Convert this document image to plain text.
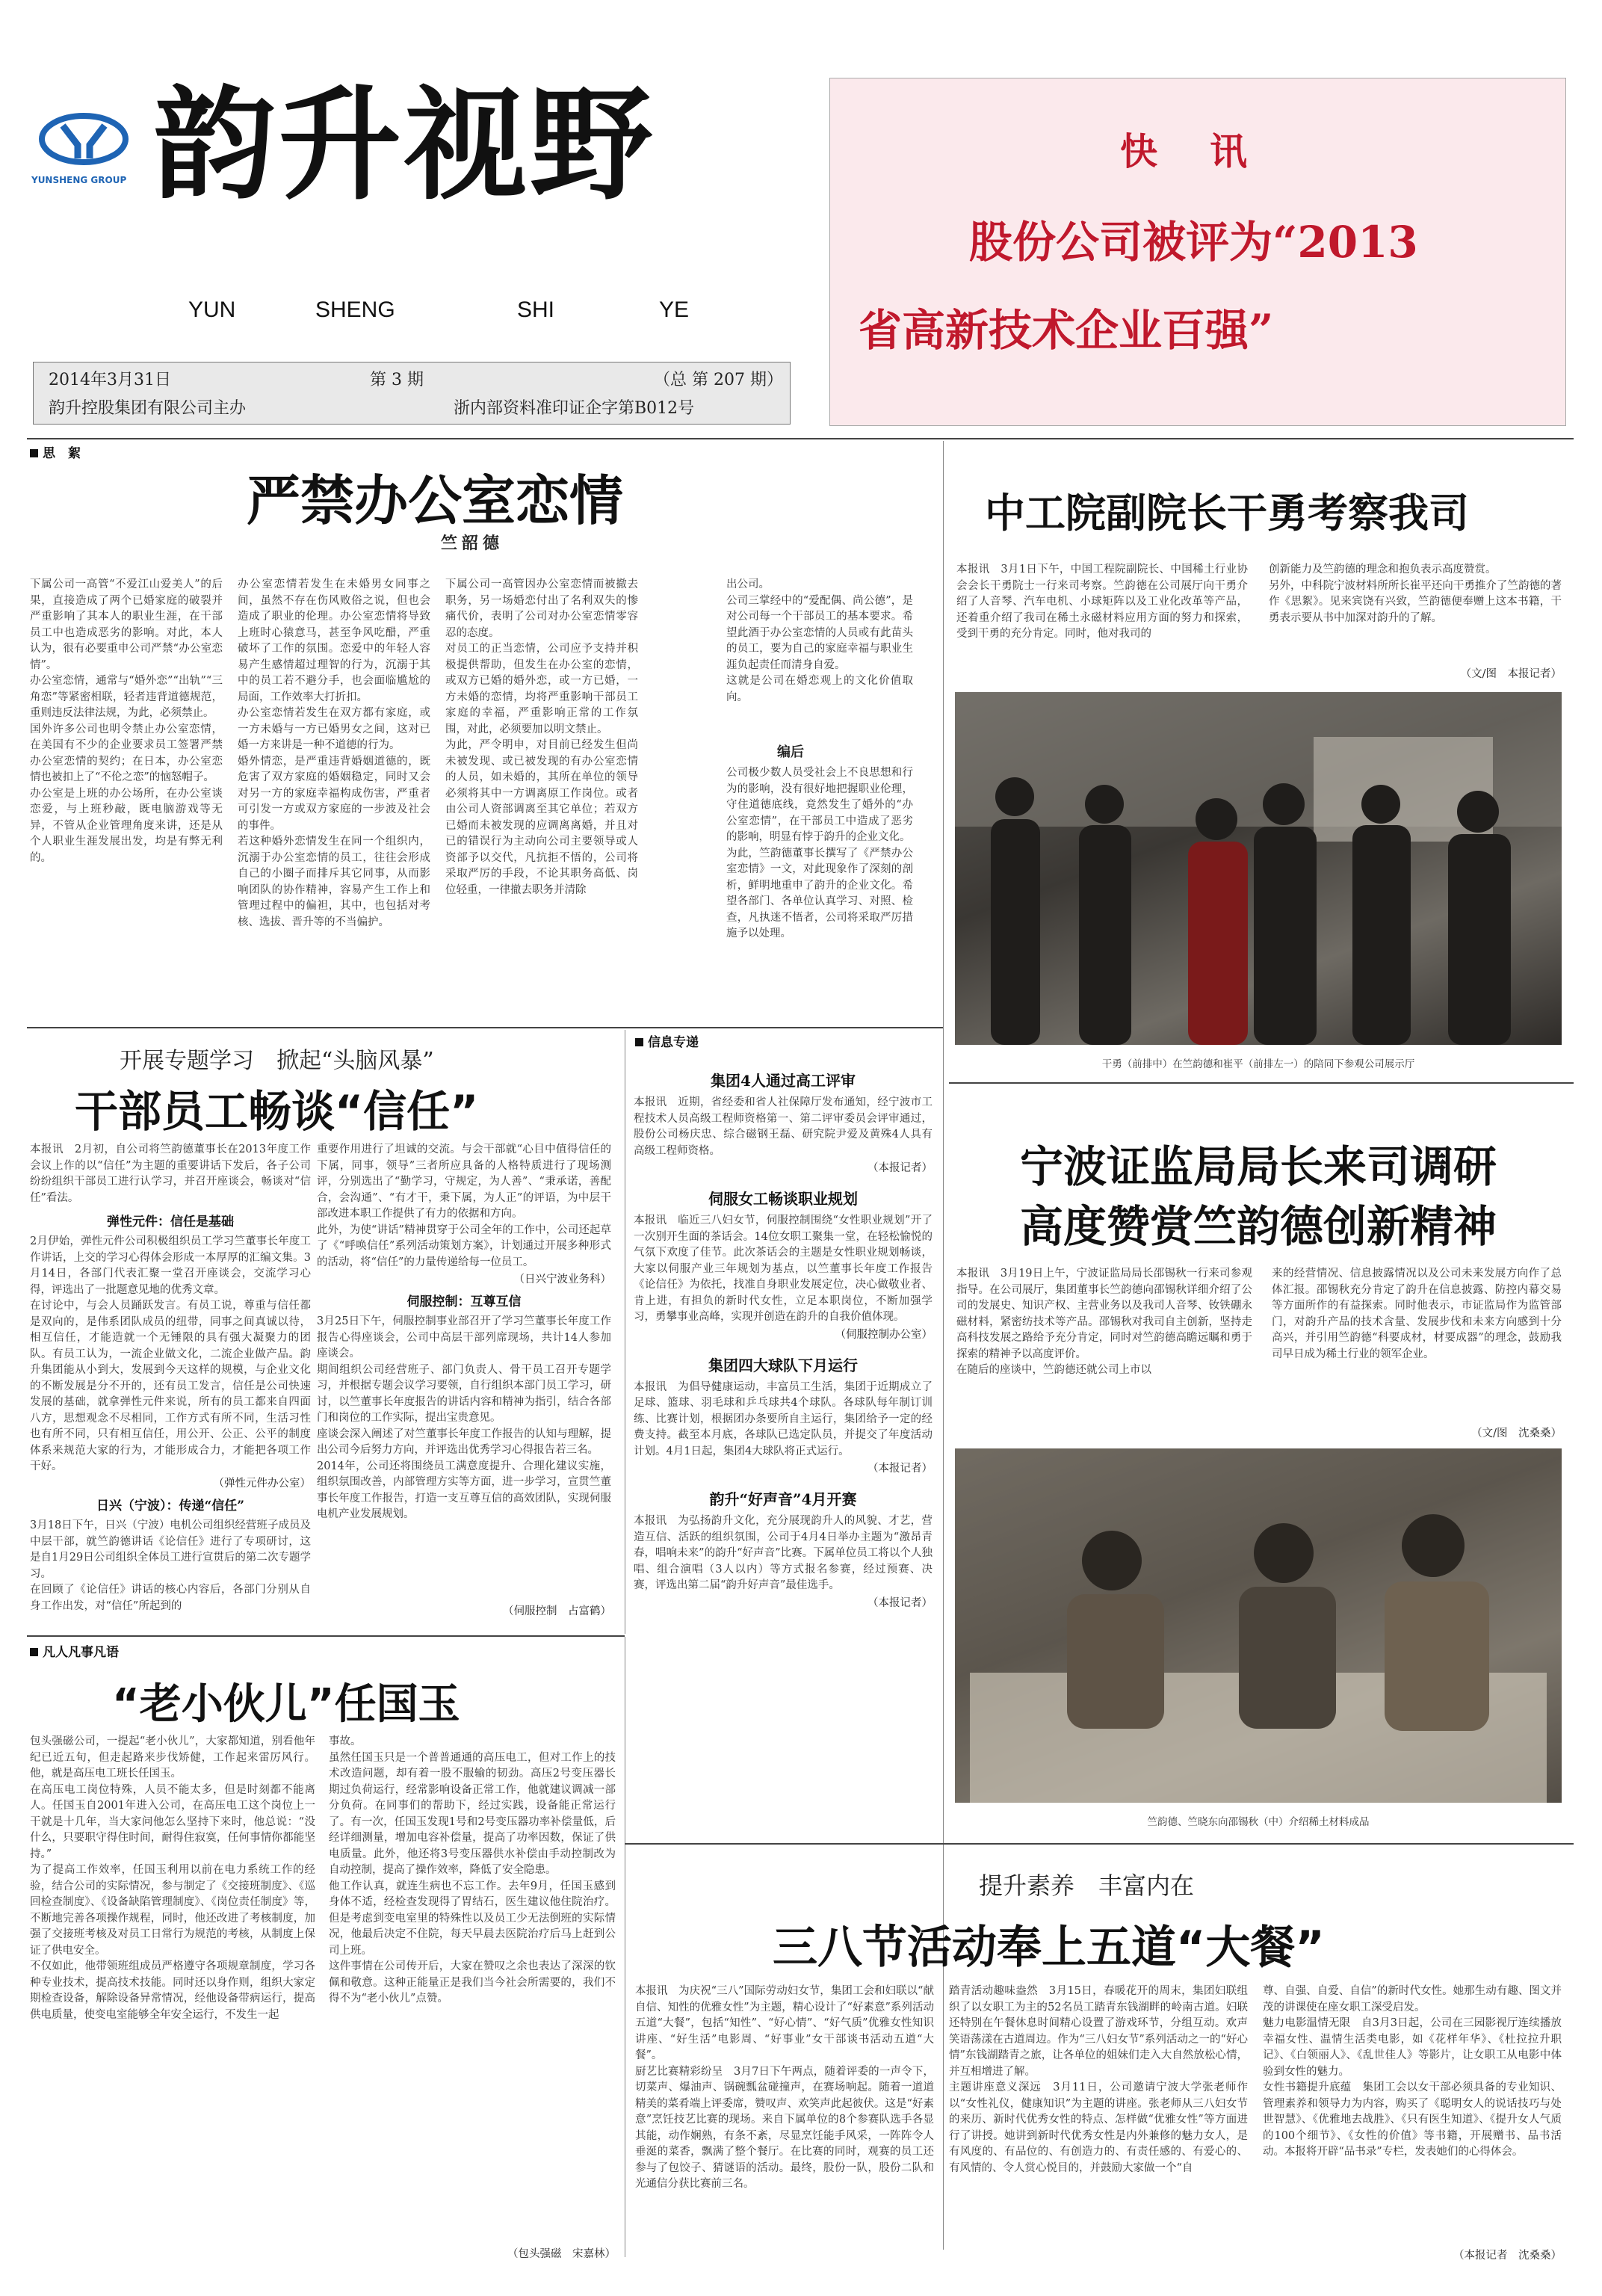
YUNSHENG GROUP 韵升视野
YUN	SHENG	SHI	YE
2014年3月31日	第 3 期	（总 第 207 期）
韵升控股集团有限公司主办	浙内部资料准印证企字第B012号
快　讯
股份公司被评为“2013
省高新技术企业百强”
思　絮
严禁办公室恋情
竺韶德
下属公司一高管“不爱江山爱美人”的后果，直接造成了两个已婚家庭的破裂并严重影响了其本人的职业生涯，在干部员工中也造成恶劣的影响。对此，本人认为，很有必要重申公司严禁“办公室恋情”。
办公室恋情，通常与“婚外恋”“出轨”“三角恋”等紧密相联，轻者违背道德规范，重则违反法律法规，为此，必须禁止。
国外许多公司也明令禁止办公室恋情，在美国有不少的企业要求员工签署严禁办公室恋情的契约；在日本，办公室恋情也被扣上了“不伦之恋”的恼怒帽子。
办公室是上班的办公场所，在办公室谈恋爱，与上班秒敲，既电脑游戏等无异，不管从企业管理角度来讲，还是从个人职业生涯发展出发，均是有弊无利的。
办公室恋情若发生在未婚男女同事之间，虽然不存在伤风败俗之说，但也会造成了职业的伦理。办公室恋情将导致上班时心猿意马，甚至争风吃醋，严重破坏了工作的氛围。恋爱中的年轻人容易产生感情超过理智的行为，沉溺于其中的员工若不避分手，也会面临尴尬的局面，工作效率大打折扣。
办公室恋情若发生在双方都有家庭，或一方未婚与一方已婚男女之间，这对已婚一方来讲是一种不道德的行为。
婚外情恋，是严重违背婚姻道德的，既危害了双方家庭的婚姻稳定，同时又会对另一方的家庭幸福构成伤害，严重者可引发一方或双方家庭的一步波及社会的事件。
若这种婚外恋情发生在同一个组织内，沉溺于办公室恋情的员工，往往会形成自己的小圈子而排斥其它同事，从而影响团队的协作精神，容易产生工作上和管理过程中的偏袒，其中，也包括对考核、选拔、晋升等的不当偏护。
下属公司一高管因办公室恋情而被撤去职务，另一场婚恋付出了名利双失的惨痛代价，表明了公司对办公室恋情零容忍的态度。
对员工的正当恋情，公司应予支持并积极提供帮助，但发生在办公室的恋情，或双方已婚的婚外恋，或一方已婚，一方未婚的恋情，均将严重影响干部员工家庭的幸福，严重影响正常的工作氛围，对此，必须要加以明文禁止。
为此，严令明申，对目前已经发生但尚未被发现、或已被发现的有办公室恋情的人员，如未婚的，其所在单位的领导必须将其中一方调离原工作岗位。或者由公司人资部调离至其它单位；若双方已婚而未被发现的应调离离婚，并且对已的错误行为主动向公司主要领导或人资部予以交代，凡抗拒不悟的，公司将采取严厉的手段，不论其职务高低、岗位轻重，一律撤去职务并清除
出公司。
公司三掌经中的“爱配偶、尚公德”，是对公司每一个干部员工的基本要求。希望此酒于办公室恋情的人员或有此苗头的员工，要为自己的家庭幸福与职业生涯负起责任而清身自爱。
这就是公司在婚恋观上的文化价值取向。
编后
公司极少数人员受社会上不良思想和行为的影响，没有很好地把握职业伦理，守住道德底线，竟然发生了婚外的“办公室恋情”，在干部员工中造成了恶劣的影响，明显有悖于韵升的企业文化。
为此，竺韵德董事长撰写了《严禁办公室恋情》一文，对此现象作了深刻的剖析，鲜明地重申了韵升的企业文化。希望各部门、各单位认真学习、对照、检查，凡执迷不悟者，公司将采取严厉措施予以处理。
中工院副院长干勇考察我司
本报讯　3月1日下午，中国工程院副院长、中国稀土行业协会会长干勇院士一行来司考察。竺韵德在公司展厅向干勇介绍了人音琴、汽车电机、小球矩阵以及工业化改革等产品，还着重介绍了我司在稀土永磁材料应用方面的努力和探索，受到干勇的充分肯定。同时，他对我司的
创新能力及竺韵德的理念和抱负表示高度赞赏。
另外，中科院宁波材料所所长崔平还向干勇推介了竺韵德的著作《思絮》。见来宾饶有兴致，竺韵德便奉赠上这本书籍，干勇表示要从书中加深对韵升的了解。
（文/图　本报记者）
干勇（前排中）在竺韵德和崔平（前排左一）的陪同下参观公司展示厅
宁波证监局局长来司调研
高度赞赏竺韵德创新精神
本报讯　3月19日上午，宁波证监局局长邵锡秋一行来司参观指导。在公司展厅，集团董事长竺韵德向邵锡秋详细介绍了公司的发展史、知识产权、主营业务以及我司人音琴、钕铁硼永磁材料，紧密纺技术等产品。邵锡秋对我司自主创新，坚持走高科技发展之路给予充分肯定，同时对竺韵德高瞻远瞩和勇于探索的精神予以高度评价。
在随后的座谈中，竺韵德还就公司上市以
来的经营情况、信息披露情况以及公司未来发展方向作了总体汇报。邵锡秋充分肯定了韵升在信息披露、防控内幕交易等方面所作的有益探索。同时他表示，市证监局作为监管部门，对韵升产品的技术含量、发展步伐和未来方向感到十分高兴，并引用竺韵德“科要成材，材要成器”的理念，鼓励我司早日成为稀土行业的领军企业。
（文/图　沈桑桑）
竺韵德、竺晓东向邵锡秋（中）介绍稀土材料成品
开展专题学习　掀起“头脑风暴”
干部员工畅谈“信任”
本报讯　2月初，自公司将竺韵德董事长在2013年度工作会议上作的以“信任”为主题的重要讲话下发后，各子公司纷纷组织干部员工进行认学习，并召开座谈会，畅谈对“信任”看法。
弹性元件：信任是基础
2月伊始，弹性元件公司积极组织员工学习竺董事长年度工作讲话，上交的学习心得体会形成一本厚厚的汇编文集。3月14日，各部门代表汇聚一堂召开座谈会，交流学习心得，评选出了一批题意见地的优秀文章。
在讨论中，与会人员踊跃发言。有员工说，尊重与信任都是双向的，是伟系团队成员的纽带，同事之间真诚以待，相互信任，才能造就一个无锤限的具有强大凝聚力的团队。有员工认为，一流企业做文化，二流企业做产品。韵升集团能从小到大，发展到今天这样的规模，与企业文化的不断发展是分不开的，还有员工发言，信任是公司快速发展的基础，就拿弹性元件来说，所有的员工都来自四面八方，思想观念不尽相同，工作方式有所不同，生活习性也有所不同，只有相互信任，用公开、公正、公平的制度体系来规范大家的行为，才能形成合力，才能把各项工作干好。
（弹性元件办公室）
日兴（宁波）：传递“信任”
3月18日下午，日兴（宁波）电机公司组织经营班子成员及中层干部，就竺韵德讲话《论信任》进行了专项研讨，这是自1月29日公司组织全体员工进行宣贯后的第二次专题学习。
在回顾了《论信任》讲话的核心内容后，各部门分别从自身工作出发，对“信任”所起到的
重要作用进行了坦诚的交流。与会干部就“心目中值得信任的下属，同事，领导”三者所应具备的人格特质进行了现场测评，分别选出了“勤学习，守规定，为人善”、“秉承诺，善配合，会沟通”、“有才干，秉下属，为人正”的评语，为中层干部改进本职工作提供了有力的依据和方向。
此外，为使“讲话”精神贯穿于公司全年的工作中，公司还起草了《“呼唤信任”系列活动策划方案》，计划通过开展多种形式的活动，将“信任”的力量传递给每一位员工。
（日兴宁波业务科）
伺服控制：互尊互信
3月25日下午，伺服控制事业部召开了学习竺董事长年度工作报告心得座谈会，公司中高层干部列席现场，共计14人参加座谈会。
期间组织公司经营班子、部门负责人、骨干员工召开专题学习，并根据专题会议学习要领，自行组织本部门员工学习，研讨，以竺董事长年度报告的讲话内容和精神为指引，结合各部门和岗位的工作实际，提出宝贵意见。
座谈会深入阐述了对竺董事长年度工作报告的认知与理解，提出公司今后努力方向，并评选出优秀学习心得报告若三名。
2014年，公司还将围绕员工满意度提升、合理化建议实施，组织氛围改善，内部管理方实等方面，进一步学习，宣贯竺董事长年度工作报告，打造一支互尊互信的高效团队，实现伺服电机产业发展规划。
（伺服控制　占富鹤）
信息专递
集团4人通过高工评审
本报讯　近期，省经委和省人社保障厅发布通知，经宁波市工程技术人员高级工程师资格第一、第二评审委员会评审通过，股份公司杨庆忠、综合磁钢王磊、研究院尹爱及黄殊4人具有高级工程师资格。
（本报记者）
伺服女工畅谈职业规划
本报讯　临近三八妇女节，伺服控制围绕“女性职业规划”开了一次别开生面的茶话会。14位女职工聚集一堂，在轻松愉悦的气氛下欢度了佳节。此次茶话会的主题是女性职业规划畅谈，大家以伺服产业三年规划为基点，以竺董事长年度工作报告《论信任》为依托，找准自身职业发展定位，决心做敬业者、肯上进，有担负的新时代女性，立足本职岗位，不断加强学习，勇攀事业高峰，实现并创造在韵升的自我价值体现。
（伺服控制办公室）
集团四大球队下月运行
本报讯　为倡导健康运动，丰富员工生活，集团于近期成立了足球、篮球、羽毛球和乒乓球共4个球队。各球队每年制订训练、比赛计划，根据团办条要所自主运行，集团给予一定的经费支持。截至本月底，各球队已选定队员，并提交了年度活动计划。4月1日起，集团4大球队将正式运行。
（本报记者）
韵升“好声音”4月开赛
本报讯　为弘扬韵升文化，充分展现韵升人的风貌、才艺，营造互信、活跃的组织氛围，公司于4月4日举办主题为“激昂青春，唱响未来”的韵升“好声音”比赛。下属单位员工将以个人独唱、组合演唱（3人以内）等方式报名参赛，经过预赛、决赛，评选出第二届“韵升好声音”最佳选手。
（本报记者）
凡人凡事凡语
“老小伙儿”任国玉
包头强磁公司，一提起“老小伙儿”，大家都知道，别看他年纪已近五旬，但走起路来步伐矫健，工作起来雷厉风行。他，就是高压电工班长任国玉。
在高压电工岗位特殊，人员不能太多，但是时刻都不能离人。任国玉自2001年进入公司，在高压电工这个岗位上一干就是十几年，当大家问他怎么坚持下来时，他总说：“没什么，只要职守得住时间，耐得住寂寞，任何事情你都能坚持。”
为了提高工作效率，任国玉利用以前在电力系统工作的经验，结合公司的实际情况，参与制定了《交接班制度》、《巡回检查制度》、《设备缺陷管理制度》、《岗位责任制度》等，不断地完善各项操作规程，同时，他还改进了考核制度，加强了交接班考核及对员工日常行为规范的考核，从制度上保证了供电安全。
不仅如此，他带领班组成员严格遵守各项规章制度，学习各种专业技术，提高技术技能。同时还以身作则，组织大家定期检查设备，解除设备异常情况，经他设备带病运行，提高供电质量，使变电室能够全年安全运行，不发生一起
事故。
虽然任国玉只是一个普普通通的高压电工，但对工作上的技术改造问题，却有着一股不服输的韧劲。高压2号变压器长期过负荷运行，经常影响设备正常工作，他就建议调减一部分负荷。在同事们的帮助下，经过实践，设备能正常运行了。有一次，任国玉发现1号和2号变压器功率补偿量低，后经详细测量，增加电容补偿量，提高了功率因数，保证了供电质量。此外，他还将3号变压器供水补偿由手动控制改为自动控制，提高了操作效率，降低了安全隐患。
他工作认真，就连生病也不忘工作。去年9月，任国玉感到身体不适，经检查发现得了胃结石，医生建议他住院治疗。但是考虑到变电室里的特殊性以及员工少无法倒班的实际情况，他最后决定不住院，每天早晨去医院治疗后马上赶到公司上班。
这件事情在公司传开后，大家在赞叹之余也表达了深深的钦佩和敬意。这种正能量正是我们当今社会所需要的，我们不得不为“老小伙儿”点赞。
（包头强磁　宋嘉林）
提升素养　丰富内在
三八节活动奉上五道“大餐”
本报讯　为庆祝“三八”国际劳动妇女节，集团工会和妇联以“献自信、知性的优雅女性”为主题，精心设计了“好素意”系列活动五道“大餐”，包括“知性”、“好心情”、“好气质”优雅女性知识讲座、“好生活”电影周、“好事业”女干部谈书活动五道“大餐”。
厨艺比赛精彩纷呈　3月7日下午两点，随着评委的一声令下，切菜声、爆油声、锅碗瓢盆碰撞声，在赛场响起。随着一道道精美的菜肴端上评委席，赞叹声、欢笑声此起彼伏。这是“好素意”烹饪技艺比赛的现场。来自下属单位的8个参赛队选手各显其能，动作娴熟，有条不紊，尽显烹饪能手风采，一阵阵令人垂涎的菜香，飘满了整个餐厅。在比赛的同时，观赛的员工还参与了包饺子、猜谜语的活动。最终，股份一队，股份二队和光通信分获比赛前三名。
踏青活动趣味盎然　3月15日，春暖花开的周末，集团妇联组织了以女职工为主的52名员工踏青东钱湖畔的岭南古道。妇联还特别在午餐休息时间精心设置了游戏环节，分组互动。欢声笑语荡漾在古道周边。作为“三八妇女节”系列活动之一的“好心情”东钱湖踏青之旅，让各单位的姐妹们走入大自然放松心情，并互相增进了解。
主题讲座意义深远　3月11日，公司邀请宁波大学张老师作以“女性礼仪，健康知识”为主题的讲座。张老师从三八妇女节的来历、新时代优秀女性的特点、怎样做“优雅女性”等方面进行了讲授。她讲到新时代优秀女性是内外兼修的魅力女人，是有风度的、有品位的、有创造力的、有责任感的、有爱心的、有风情的、令人赏心悦目的，并鼓励大家做一个“自
尊、自强、自爱、自信”的新时代女性。她那生动有趣、图文并茂的讲课使在座女职工深受启发。
魅力电影温情无限　自3月3日起，公司在三园影视厅连续播放幸福女性、温情生活类电影，如《花样年华》、《杜拉拉升职记》、《白领丽人》、《乱世佳人》等影片，让女职工从电影中体验到女性的魅力。
女性书籍提升底蕴　集团工会以女干部必须具备的专业知识、管理素养和领导力为内容，购买了《聪明女人的说话技巧与处世智慧》、《优雅地去战胜》、《只有医生知道》、《提升女人气质的100个细节》、《女性的价值》等书籍，开展赠书、品书活动。本报将开辟“品书录”专栏，发表她们的心得体会。
（本报记者　沈桑桑）
